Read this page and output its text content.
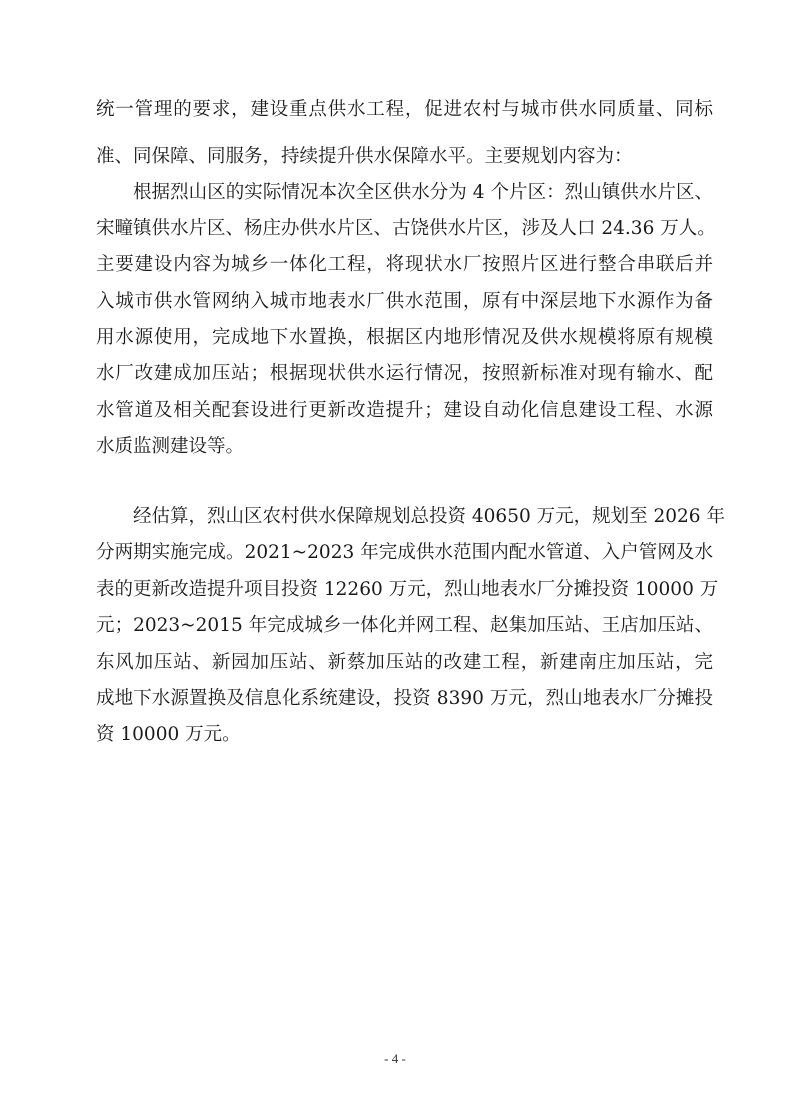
统一管理的要求，建设重点供水工程，促进农村与城市供水同质量、同标
准、同保障、同服务，持续提升供水保障水平。主要规划内容为：
根据烈山区的实际情况本次全区供水分为 4 个片区：烈山镇供水片区、
宋疃镇供水片区、杨庄办供水片区、古饶供水片区，涉及人口 24.36 万人。
主要建设内容为城乡一体化工程，将现状水厂按照片区进行整合串联后并
入城市供水管网纳入城市地表水厂供水范围，原有中深层地下水源作为备
用水源使用，完成地下水置换，根据区内地形情况及供水规模将原有规模
水厂改建成加压站；根据现状供水运行情况，按照新标准对现有输水、配
水管道及相关配套设进行更新改造提升；建设自动化信息建设工程、水源
水质监测建设等。
经估算，烈山区农村供水保障规划总投资 40650 万元，规划至 2026 年
分两期实施完成。2021~2023 年完成供水范围内配水管道、入户管网及水
表的更新改造提升项目投资 12260 万元，烈山地表水厂分摊投资 10000 万
元；2023~2015 年完成城乡一体化并网工程、赵集加压站、王店加压站、
东风加压站、新园加压站、新蔡加压站的改建工程，新建南庄加压站，完
成地下水源置换及信息化系统建设，投资 8390 万元，烈山地表水厂分摊投
资 10000 万元。
- 4 -
